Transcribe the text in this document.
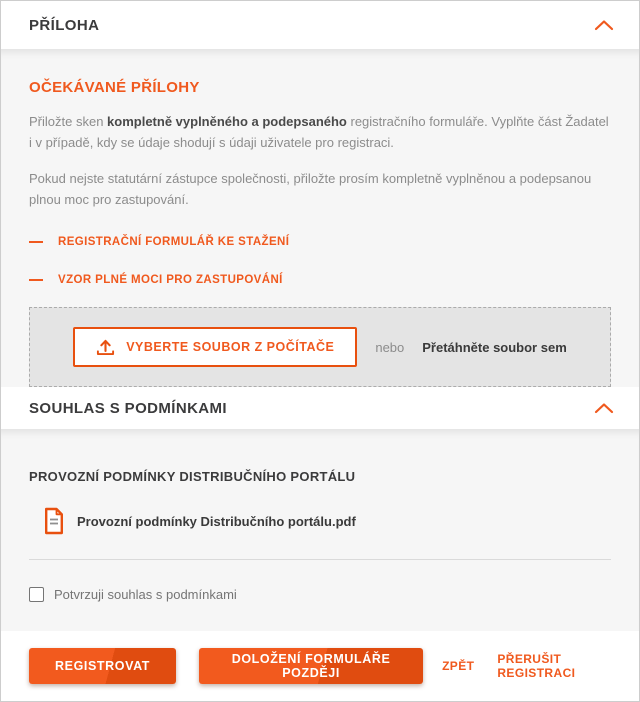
PŘÍLOHA
OČEKÁVANÉ PŘÍLOHY

Přiložte sken kompletně vyplněného a podepsaného registračního formuláře. Vyplňte část Žadatel i v případě, kdy se údaje shodují s údaji uživatele pro registraci.

Pokud nejste statutární zástupce společnosti, přiložte prosím kompletně vyplněnou a podepsanou plnou moc pro zastupování.

REGISTRAČNÍ FORMULÁŘ KE STAŽENÍ
VZOR PLNÉ MOCI PRO ZASTUPOVÁNÍ
VYBERTE SOUBOR Z POČÍTAČE	nebo	Přetáhněte soubor sem
SOUHLAS S PODMÍNKAMI
PROVOZNÍ PODMÍNKY DISTRIBUČNÍHO PORTÁLU
Provozní podmínky Distribučního portálu.pdf
Potvrzuji souhlas s podmínkami
REGISTROVAT	DOLOŽENÍ FORMULÁŘE POZDĚJI	ZPĚT PŘERUŠIT REGISTRACI
